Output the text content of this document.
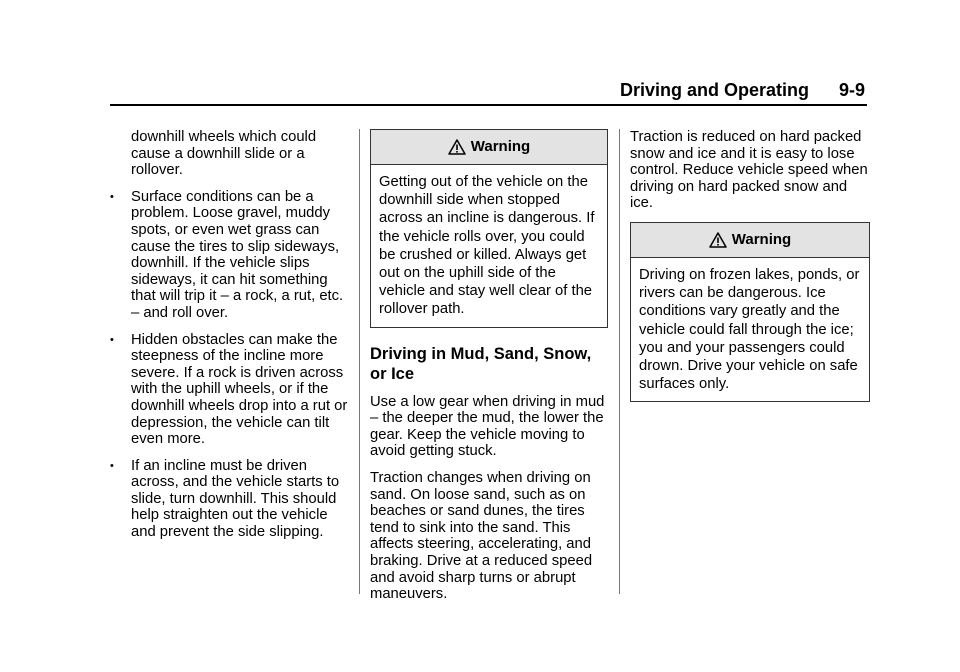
Driving and Operating 9-9
downhill wheels which could cause a downhill slide or a rollover.
• Surface conditions can be a problem. Loose gravel, muddy spots, or even wet grass can cause the tires to slip sideways, downhill. If the vehicle slips sideways, it can hit something that will trip it – a rock, a rut, etc. – and roll over.
• Hidden obstacles can make the steepness of the incline more severe. If a rock is driven across with the uphill wheels, or if the downhill wheels drop into a rut or depression, the vehicle can tilt even more.
• If an incline must be driven across, and the vehicle starts to slide, turn downhill. This should help straighten out the vehicle and prevent the side slipping.
Warning
Getting out of the vehicle on the downhill side when stopped across an incline is dangerous. If the vehicle rolls over, you could be crushed or killed. Always get out on the uphill side of the vehicle and stay well clear of the rollover path.
Driving in Mud, Sand, Snow, or Ice

Use a low gear when driving in mud – the deeper the mud, the lower the gear. Keep the vehicle moving to avoid getting stuck.

Traction changes when driving on sand. On loose sand, such as on beaches or sand dunes, the tires tend to sink into the sand. This affects steering, accelerating, and braking. Drive at a reduced speed and avoid sharp turns or abrupt maneuvers.

Traction is reduced on hard packed snow and ice and it is easy to lose control. Reduce vehicle speed when driving on hard packed snow and ice.

Warning
Driving on frozen lakes, ponds, or rivers can be dangerous. Ice conditions vary greatly and the vehicle could fall through the ice; you and your passengers could drown. Drive your vehicle on safe surfaces only.
